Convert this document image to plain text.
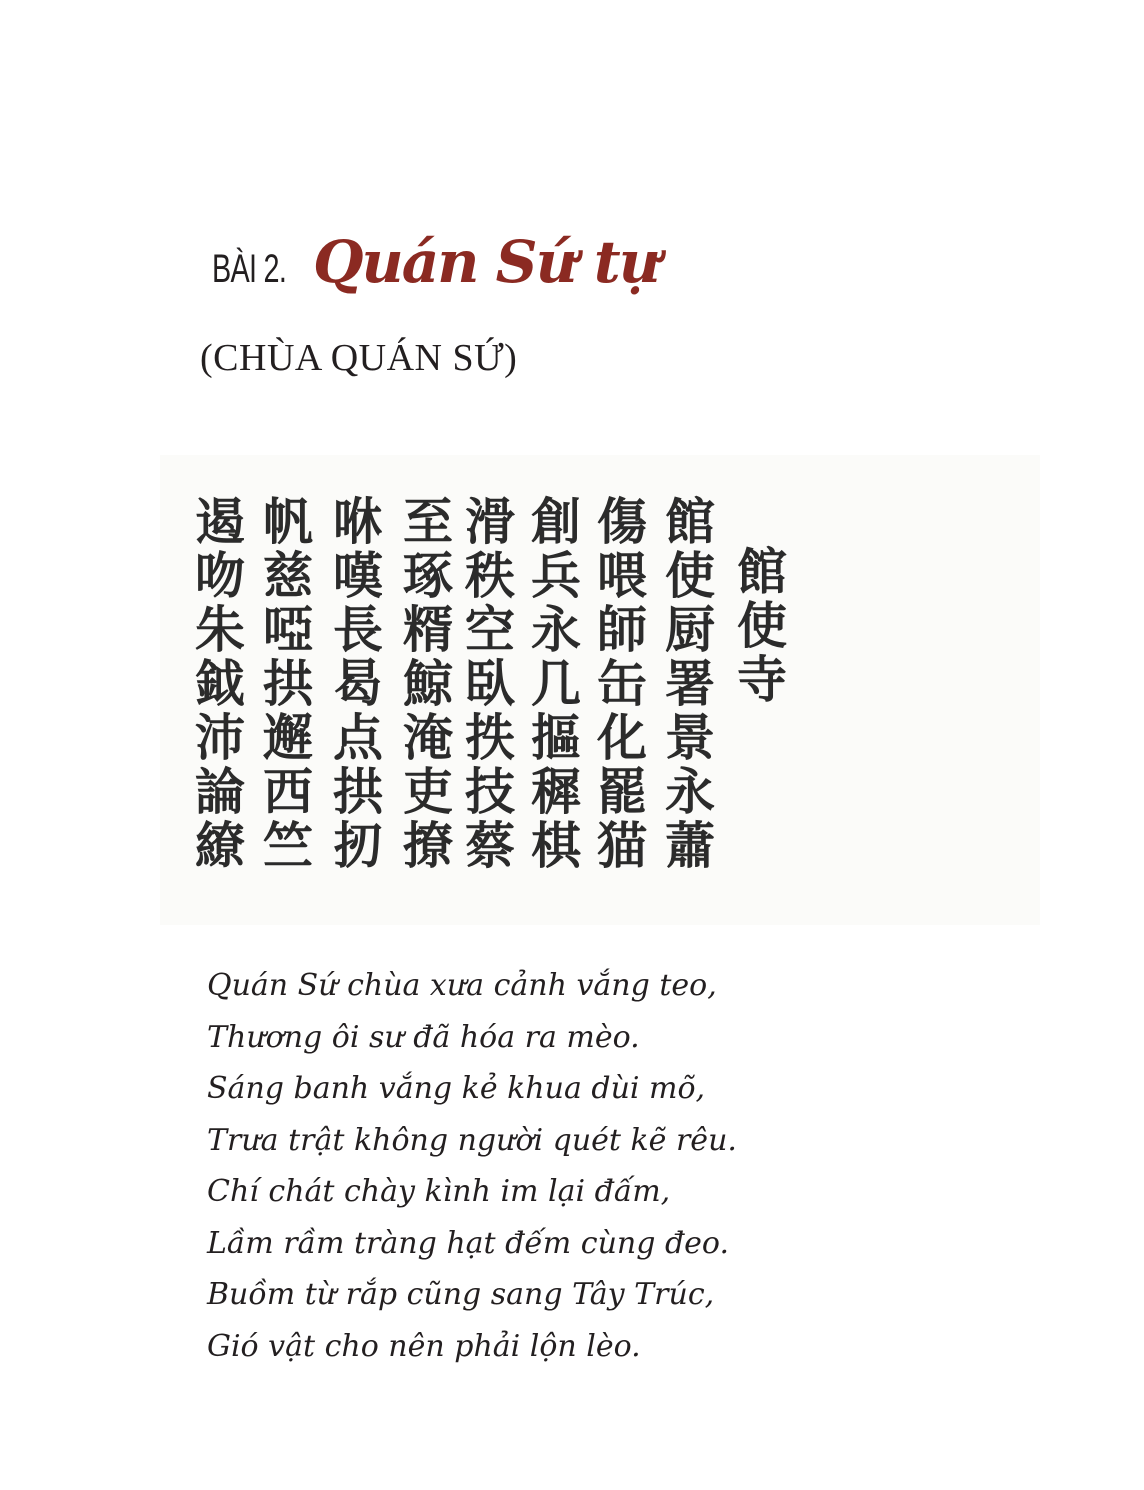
BÀI 2. Quán Sứ tự
(CHÙA QUÁN SỨ)
館
使
寺
館
使
厨
署
景
永
蕭
傷
喂
師
缶
化
罷
猫
創
兵
永
几
摳
穉
棋
滑
秩
空
臥
抶
技
蔡
至
琢
糈
鯨
淹
吏
撩
咻
嘆
長
曷
点
拱
扨
帆
慈
啞
拱
邂
西
竺
遏
吻
朱
鉞
沛
論
繚
Quán Sứ chùa xưa cảnh vắng teo,
Thương ôi sư đã hóa ra mèo.
Sáng banh vắng kẻ khua dùi mõ,
Trưa trật không người quét kẽ rêu.
Chí chát chày kình im lại đấm,
Lầm rầm tràng hạt đếm cùng đeo.
Buồm từ rắp cũng sang Tây Trúc,
Gió vật cho nên phải lộn lèo.
